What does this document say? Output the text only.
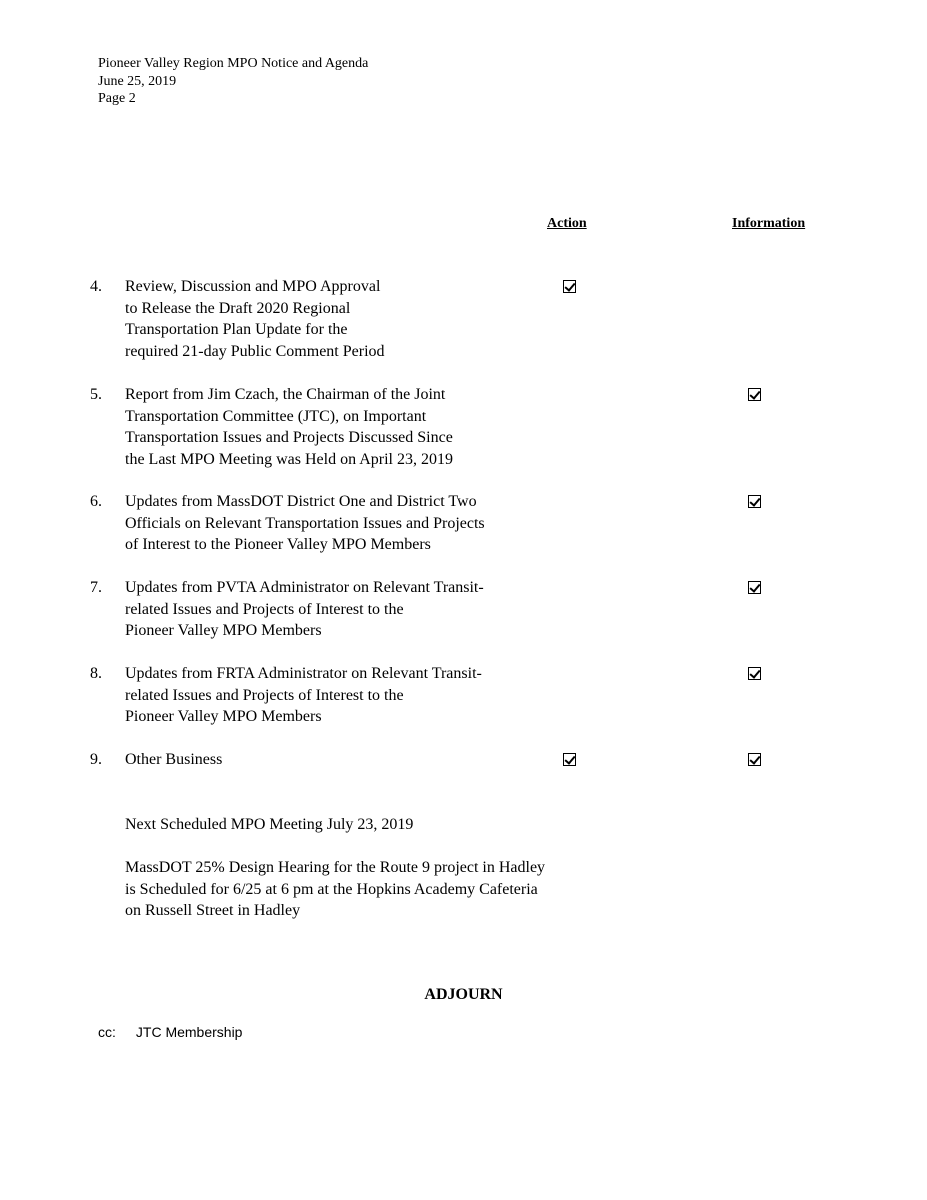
Pioneer Valley Region MPO Notice and Agenda
June 25, 2019
Page 2
Action	Information
4. Review, Discussion and MPO Approval
to Release the Draft 2020 Regional
Transportation Plan Update for the
required 21-day Public Comment Period
5. Report from Jim Czach, the Chairman of the Joint
Transportation Committee (JTC), on Important
Transportation Issues and Projects Discussed Since
the Last MPO Meeting was Held on April 23, 2019
6. Updates from MassDOT District One and District Two
Officials on Relevant Transportation Issues and Projects
of Interest to the Pioneer Valley MPO Members
7. Updates from PVTA Administrator on Relevant Transit-
related Issues and Projects of Interest to the
Pioneer Valley MPO Members
8. Updates from FRTA Administrator on Relevant Transit-
related Issues and Projects of Interest to the
Pioneer Valley MPO Members
9. Other Business
Next Scheduled MPO Meeting July 23, 2019
MassDOT 25% Design Hearing for the Route 9 project in Hadley
is Scheduled for 6/25 at 6 pm at the Hopkins Academy Cafeteria
on Russell Street in Hadley
ADJOURN
cc: JTC Membership
